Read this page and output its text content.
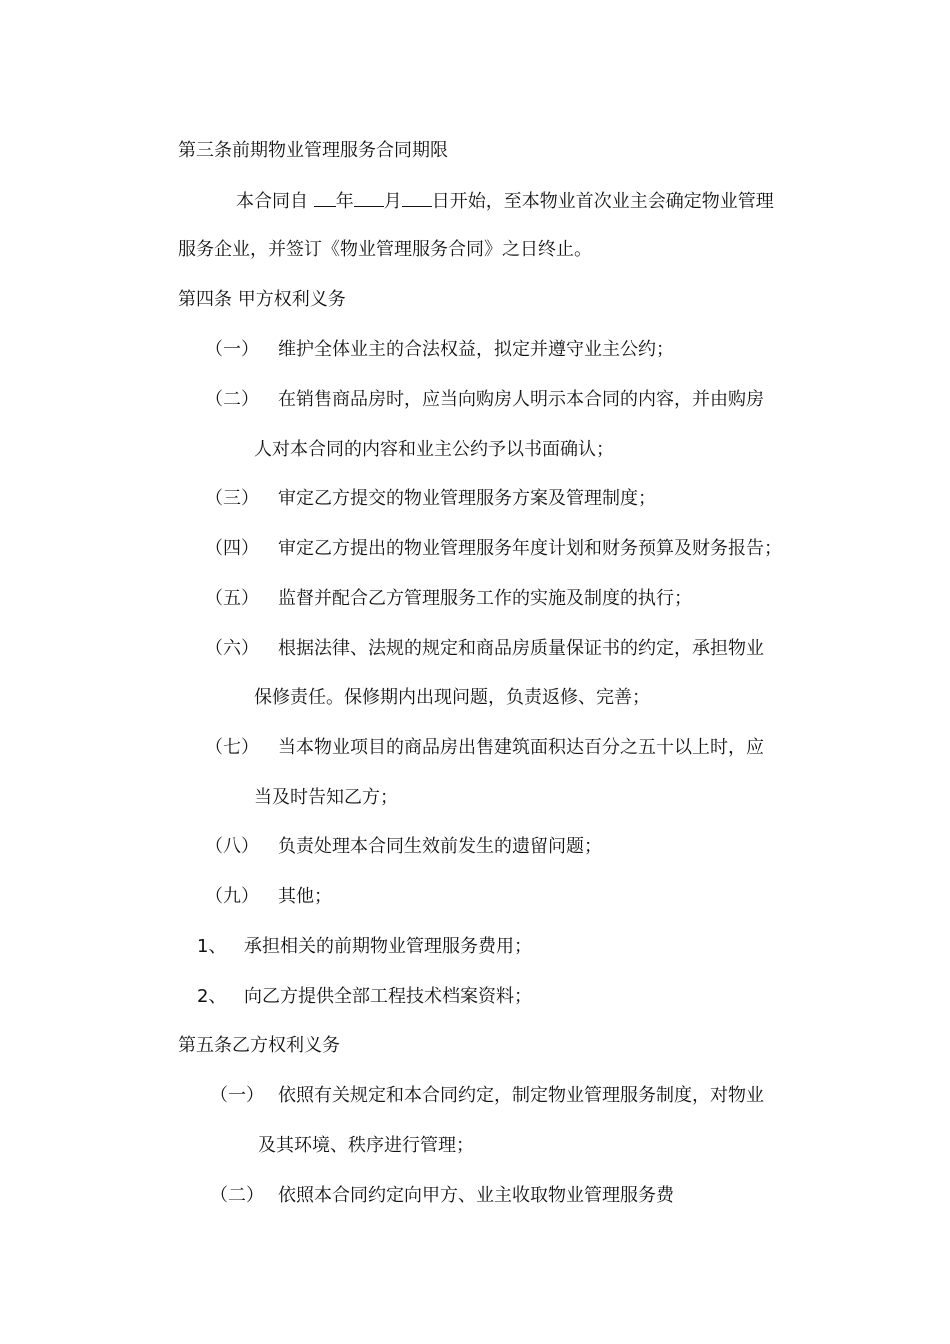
第三条前期物业管理服务合同期限
本合同自 年 月 日开始，至本物业首次业主会确定物业管理
服务企业，并签订《物业管理服务合同》之日终止。
第四条 甲方权利义务
（一） 维护全体业主的合法权益，拟定并遵守业主公约；
（二） 在销售商品房时，应当向购房人明示本合同的内容，并由购房
人对本合同的内容和业主公约予以书面确认；
（三） 审定乙方提交的物业管理服务方案及管理制度；
（四） 审定乙方提出的物业管理服务年度计划和财务预算及财务报告；
（五） 监督并配合乙方管理服务工作的实施及制度的执行；
（六） 根据法律、法规的规定和商品房质量保证书的约定，承担物业
保修责任。保修期内出现问题，负责返修、完善；
（七） 当本物业项目的商品房出售建筑面积达百分之五十以上时，应
当及时告知乙方；
（八） 负责处理本合同生效前发生的遗留问题；
（九） 其他；
1、 承担相关的前期物业管理服务费用；
2、 向乙方提供全部工程技术档案资料；
第五条乙方权利义务
（一） 依照有关规定和本合同约定，制定物业管理服务制度，对物业
及其环境、秩序进行管理；
（二） 依照本合同约定向甲方、业主收取物业管理服务费
